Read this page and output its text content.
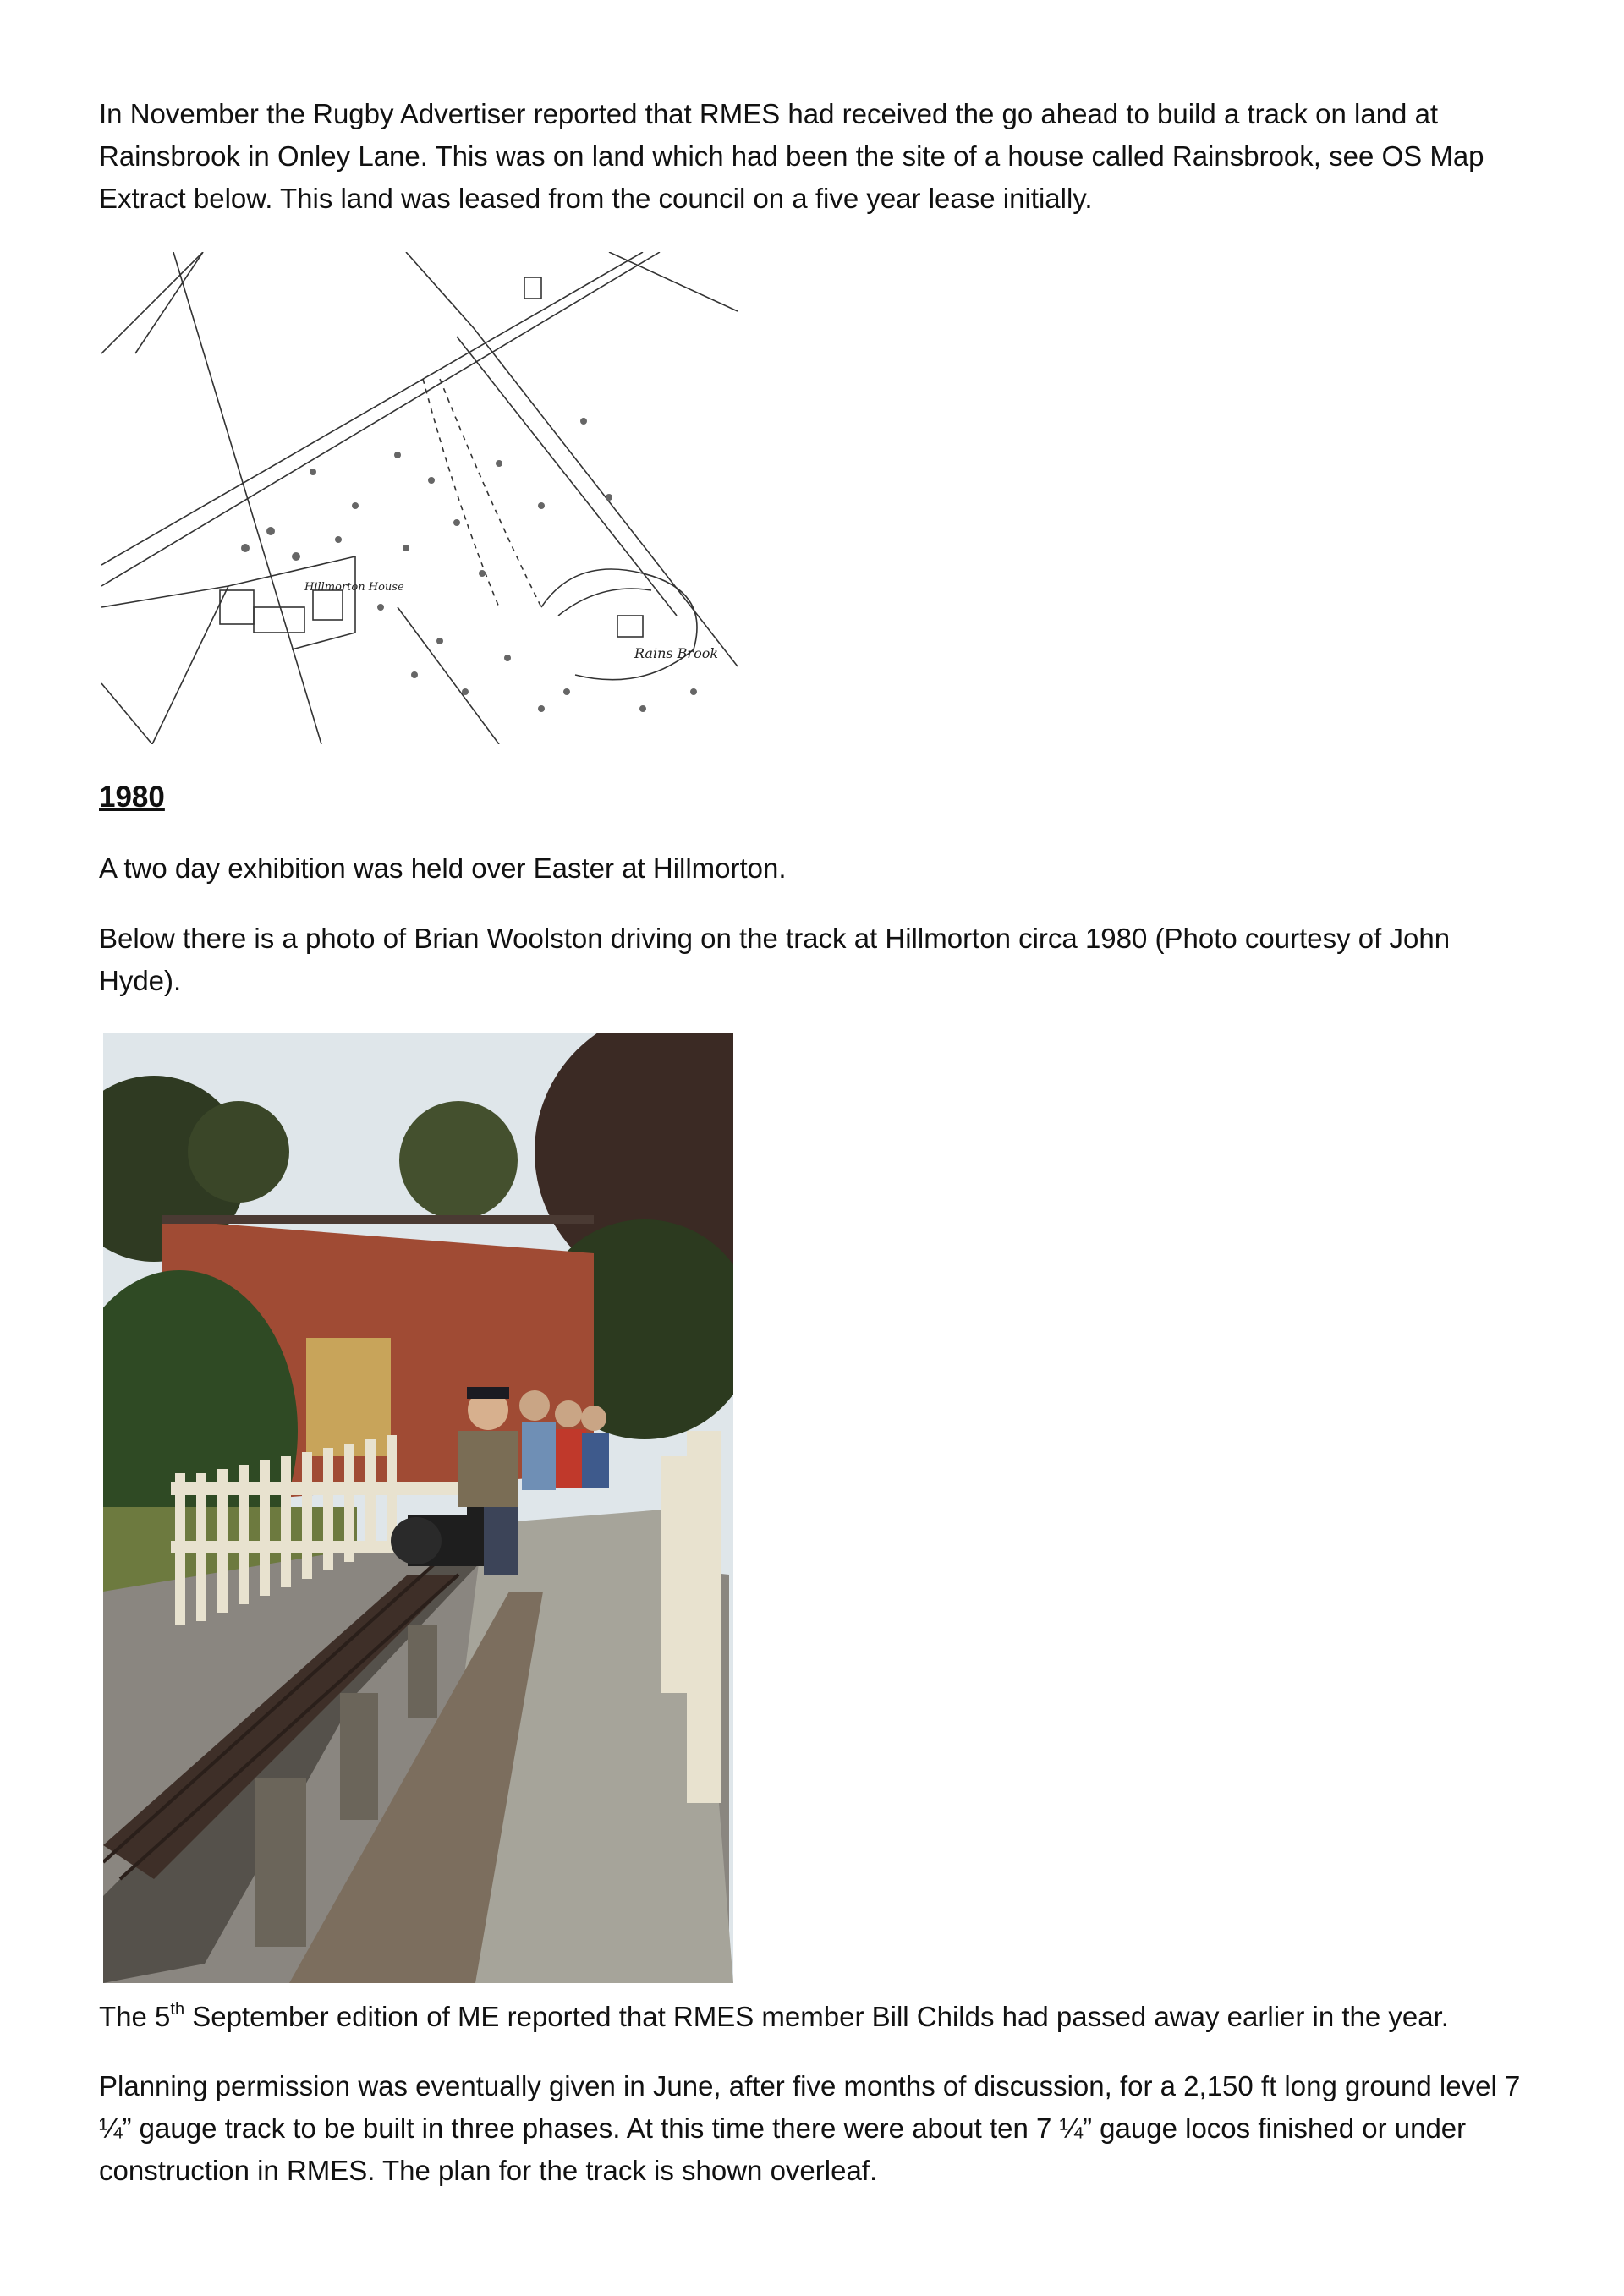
In November the Rugby Advertiser reported that RMES had received the go ahead to build a track on land at Rainsbrook in Onley Lane. This was on land which had been the site of a house called Rainsbrook, see OS Map Extract below. This land was leased from the council on a five year lease initially.

Hillmorton House
Rains Brook

1980

A two day exhibition was held over Easter at Hillmorton.

Below there is a photo of Brian Woolston driving on the track at Hillmorton circa 1980 (Photo courtesy of John Hyde).

The 5th September edition of ME reported that RMES member Bill Childs had passed away earlier in the year.

Planning permission was eventually given in June, after five months of discussion, for a 2,150 ft long ground level 7 ¼” gauge track to be built in three phases. At this time there were about ten 7 ¼” gauge locos finished or under construction in RMES. The plan for the track is shown overleaf.
